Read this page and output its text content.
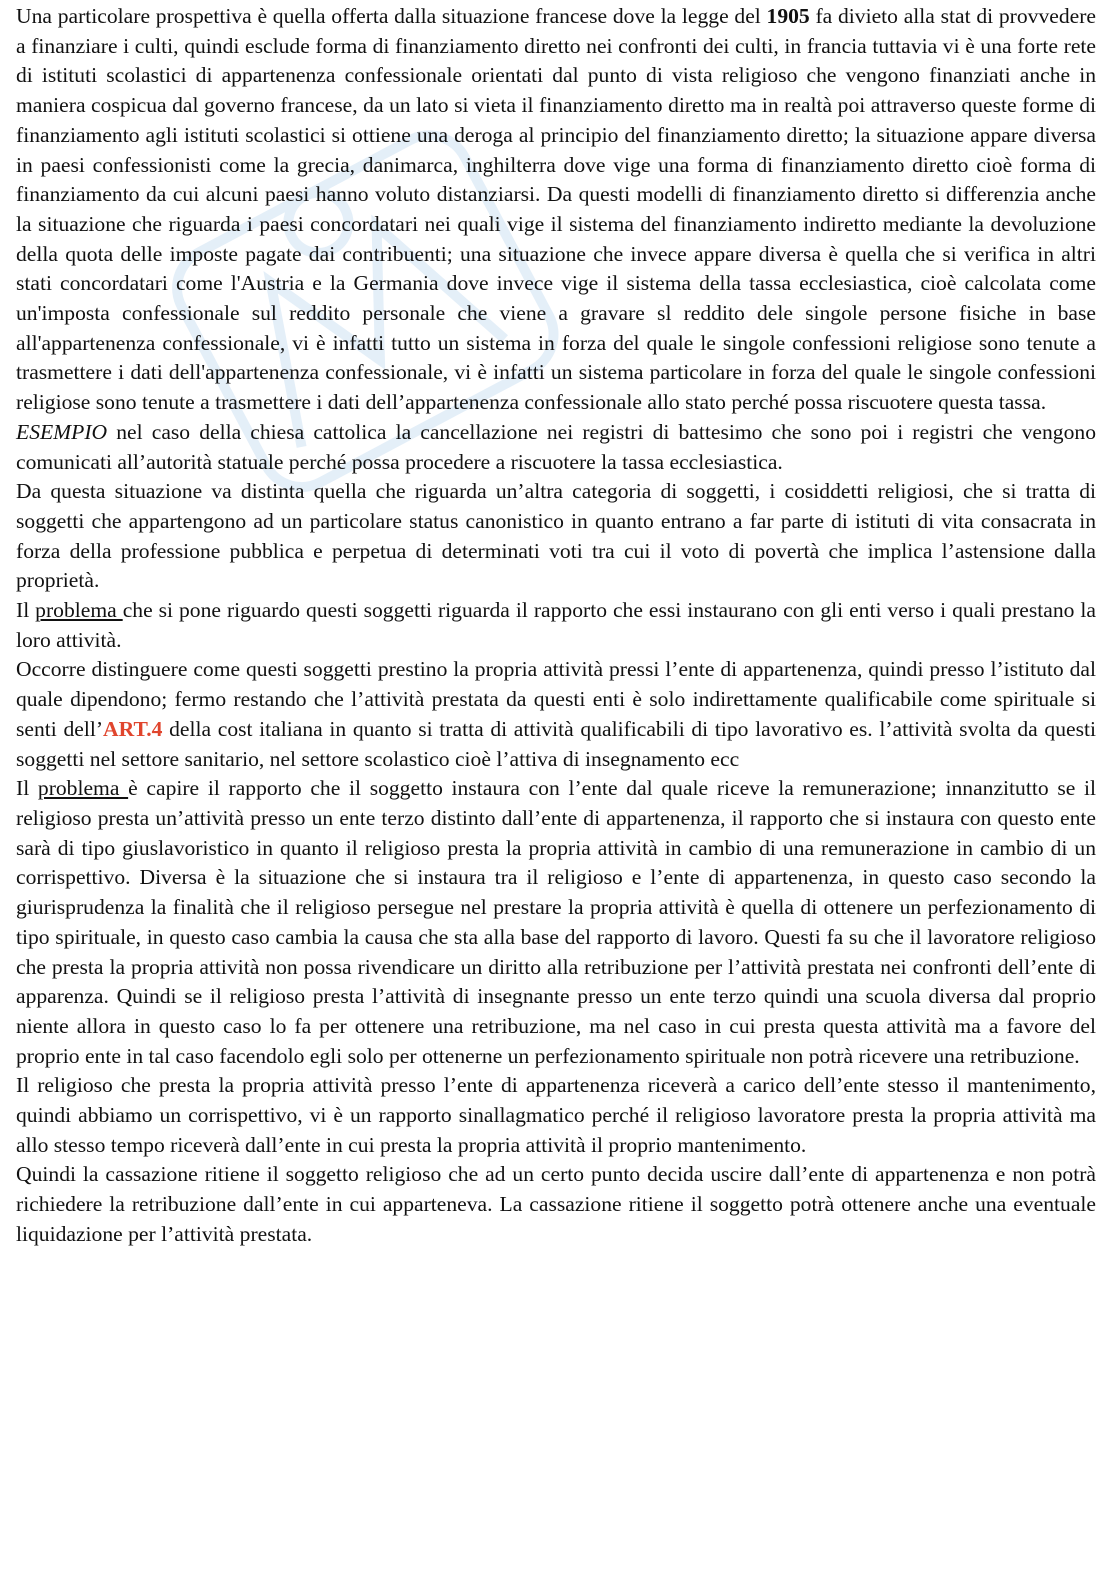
Una particolare prospettiva è quella offerta dalla situazione francese dove la legge del 1905 fa divieto alla stat di provvedere a finanziare i culti, quindi esclude forma di finanziamento diretto nei confronti dei culti, in francia tuttavia vi è una forte rete di istituti scolastici di appartenenza confessionale orientati dal punto di vista religioso che vengono finanziati anche in maniera cospicua dal governo francese, da un lato si vieta il finanziamento diretto ma in realtà poi attraverso queste forme di finanziamento agli istituti scolastici si ottiene una deroga al principio del finanziamento diretto; la situazione appare diversa in paesi confessionisti come la grecia, danimarca, inghilterra dove vige una forma di finanziamento diretto cioè forma di finanziamento da cui alcuni paesi hanno voluto distanziarsi. Da questi modelli di finanziamento diretto si differenzia anche la situazione che riguarda i paesi concordatari nei quali vige il sistema del finanziamento indiretto mediante la devoluzione della quota delle imposte pagate dai contribuenti; una situazione che invece appare diversa è quella che si verifica in altri stati concordatari come l'Austria e la Germania dove invece vige il sistema della tassa ecclesiastica, cioè calcolata come un'imposta confessionale sul reddito personale che viene a gravare sl reddito dele singole persone fisiche in base all'appartenenza confessionale, vi è infatti tutto un sistema in forza del quale le singole confessioni religiose sono tenute a trasmettere i dati dell'appartenenza confessionale, vi è infatti un sistema particolare in forza del quale le singole confessioni religiose sono tenute a trasmettere i dati dell’appartenenza confessionale allo stato perché possa riscuotere questa tassa.

ESEMPIO nel caso della chiesa cattolica la cancellazione nei registri di battesimo che sono poi i registri che vengono comunicati all’autorità statuale perché possa procedere a riscuotere la tassa ecclesiastica.

Da questa situazione va distinta quella che riguarda un’altra categoria di soggetti, i cosiddetti religiosi, che si tratta di soggetti che appartengono ad un particolare status canonistico in quanto entrano a far parte di istituti di vita consacrata in forza della professione pubblica e perpetua di determinati voti tra cui il voto di povertà che implica l’astensione dalla proprietà.

Il problema che si pone riguardo questi soggetti riguarda il rapporto che essi instaurano con gli enti verso i quali prestano la loro attività.

Occorre distinguere come questi soggetti prestino la propria attività pressi l’ente di appartenenza, quindi presso l’istituto dal quale dipendono; fermo restando che l’attività prestata da questi enti è solo indirettamente qualificabile come spirituale si senti dell’ART.4 della cost italiana in quanto si tratta di attività qualificabili di tipo lavorativo es. l’attività svolta da questi soggetti nel settore sanitario, nel settore scolastico cioè l’attiva di insegnamento ecc

Il problema è capire il rapporto che il soggetto instaura con l’ente dal quale riceve la remunerazione; innanzitutto se il religioso presta un’attività presso un ente terzo distinto dall’ente di appartenenza, il rapporto che si instaura con questo ente sarà di tipo giuslavoristico in quanto il religioso presta la propria attività in cambio di una remunerazione in cambio di un corrispettivo. Diversa è la situazione che si instaura tra il religioso e l’ente di appartenenza, in questo caso secondo la giurisprudenza la finalità che il religioso persegue nel prestare la propria attività è quella di ottenere un perfezionamento di tipo spirituale, in questo caso cambia la causa che sta alla base del rapporto di lavoro. Questi fa su che il lavoratore religioso che presta la propria attività non possa rivendicare un diritto alla retribuzione per l’attività prestata nei confronti dell’ente di apparenza. Quindi se il religioso presta l’attività di insegnante presso un ente terzo quindi una scuola diversa dal proprio niente allora in questo caso lo fa per ottenere una retribuzione, ma nel caso in cui presta questa attività ma a favore del proprio ente in tal caso facendolo egli solo per ottenerne un perfezionamento spirituale non potrà ricevere una retribuzione.

Il religioso che presta la propria attività presso l’ente di appartenenza riceverà a carico dell’ente stesso il mantenimento, quindi abbiamo un corrispettivo, vi è un rapporto sinallagmatico perché il religioso lavoratore presta la propria attività ma allo stesso tempo riceverà dall’ente in cui presta la propria attività il proprio mantenimento.

Quindi la cassazione ritiene il soggetto religioso che ad un certo punto decida uscire dall’ente di appartenenza e non potrà richiedere la retribuzione dall’ente in cui apparteneva. La cassazione ritiene il soggetto potrà ottenere anche una eventuale liquidazione per l’attività prestata.
